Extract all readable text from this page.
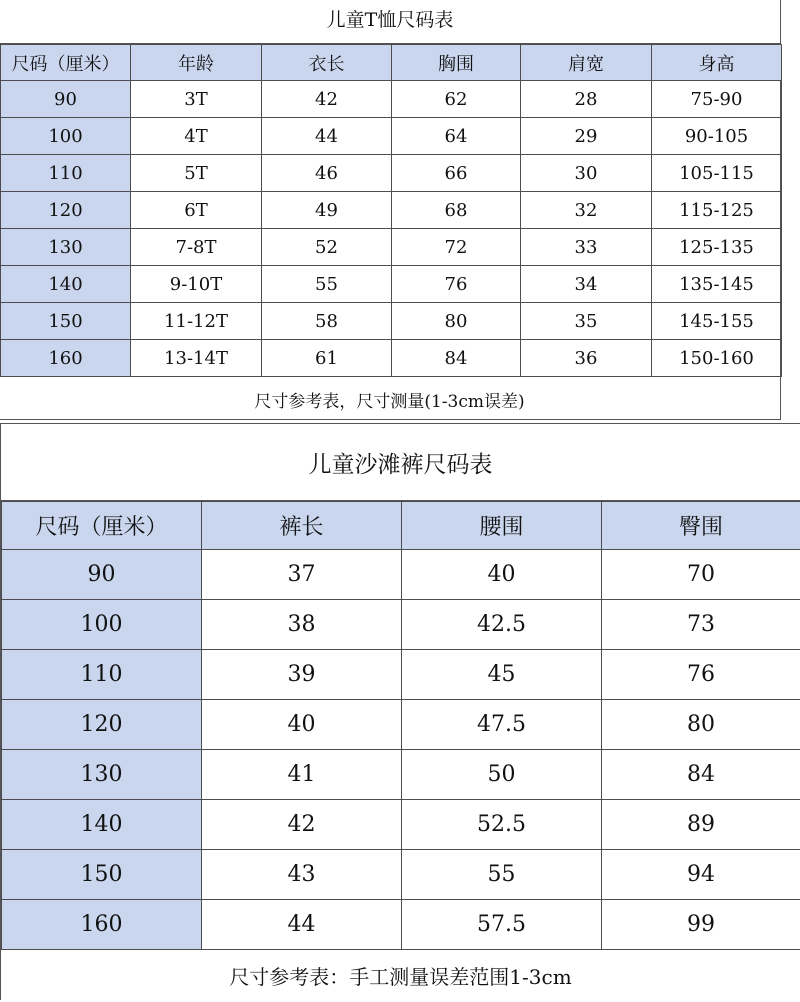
儿童T恤尺码表
尺码（厘米）	年龄	衣长	胸围	肩宽	身高
90	3T	42	62	28	75-90
100	4T	44	64	29	90-105
110	5T	46	66	30	105-115
120	6T	49	68	32	115-125
130	7-8T	52	72	33	125-135
140	9-10T	55	76	34	135-145
150	11-12T	58	80	35	145-155
160	13-14T	61	84	36	150-160
尺寸参考表，尺寸测量(1-3cm误差)
儿童沙滩裤尺码表
尺码（厘米）	裤长	腰围	臀围
90	37	40	70
100	38	42.5	73
110	39	45	76
120	40	47.5	80
130	41	50	84
140	42	52.5	89
150	43	55	94
160	44	57.5	99
尺寸参考表：手工测量误差范围1-3cm
